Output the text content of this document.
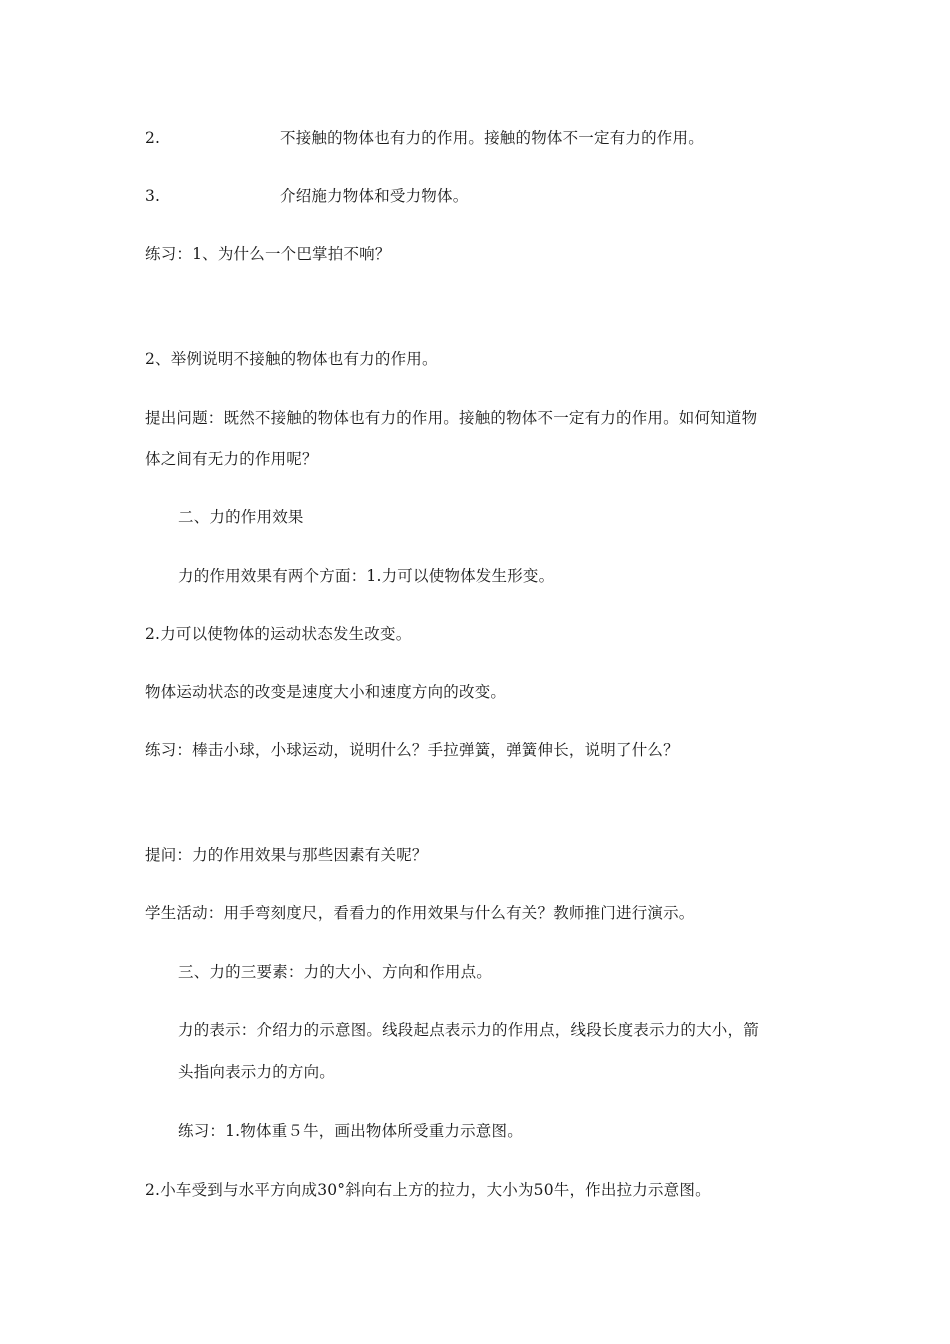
2.	不接触的物体也有力的作用。接触的物体不一定有力的作用。
3.	介绍施力物体和受力物体。
练习：1、为什么一个巴掌拍不响？
2、举例说明不接触的物体也有力的作用。
提出问题：既然不接触的物体也有力的作用。接触的物体不一定有力的作用。如何知道物
体之间有无力的作用呢？
二、力的作用效果
力的作用效果有两个方面：1.力可以使物体发生形变。
2.力可以使物体的运动状态发生改变。
物体运动状态的改变是速度大小和速度方向的改变。
练习：棒击小球，小球运动，说明什么？手拉弹簧，弹簧伸长，说明了什么？
提问：力的作用效果与那些因素有关呢？
学生活动：用手弯刻度尺，看看力的作用效果与什么有关？教师推门进行演示。
三、力的三要素：力的大小、方向和作用点。
力的表示：介绍力的示意图。线段起点表示力的作用点，线段长度表示力的大小，箭
头指向表示力的方向。
练习：1.物体重５牛，画出物体所受重力示意图。
2.小车受到与水平方向成30°斜向右上方的拉力，大小为50牛，作出拉力示意图。
